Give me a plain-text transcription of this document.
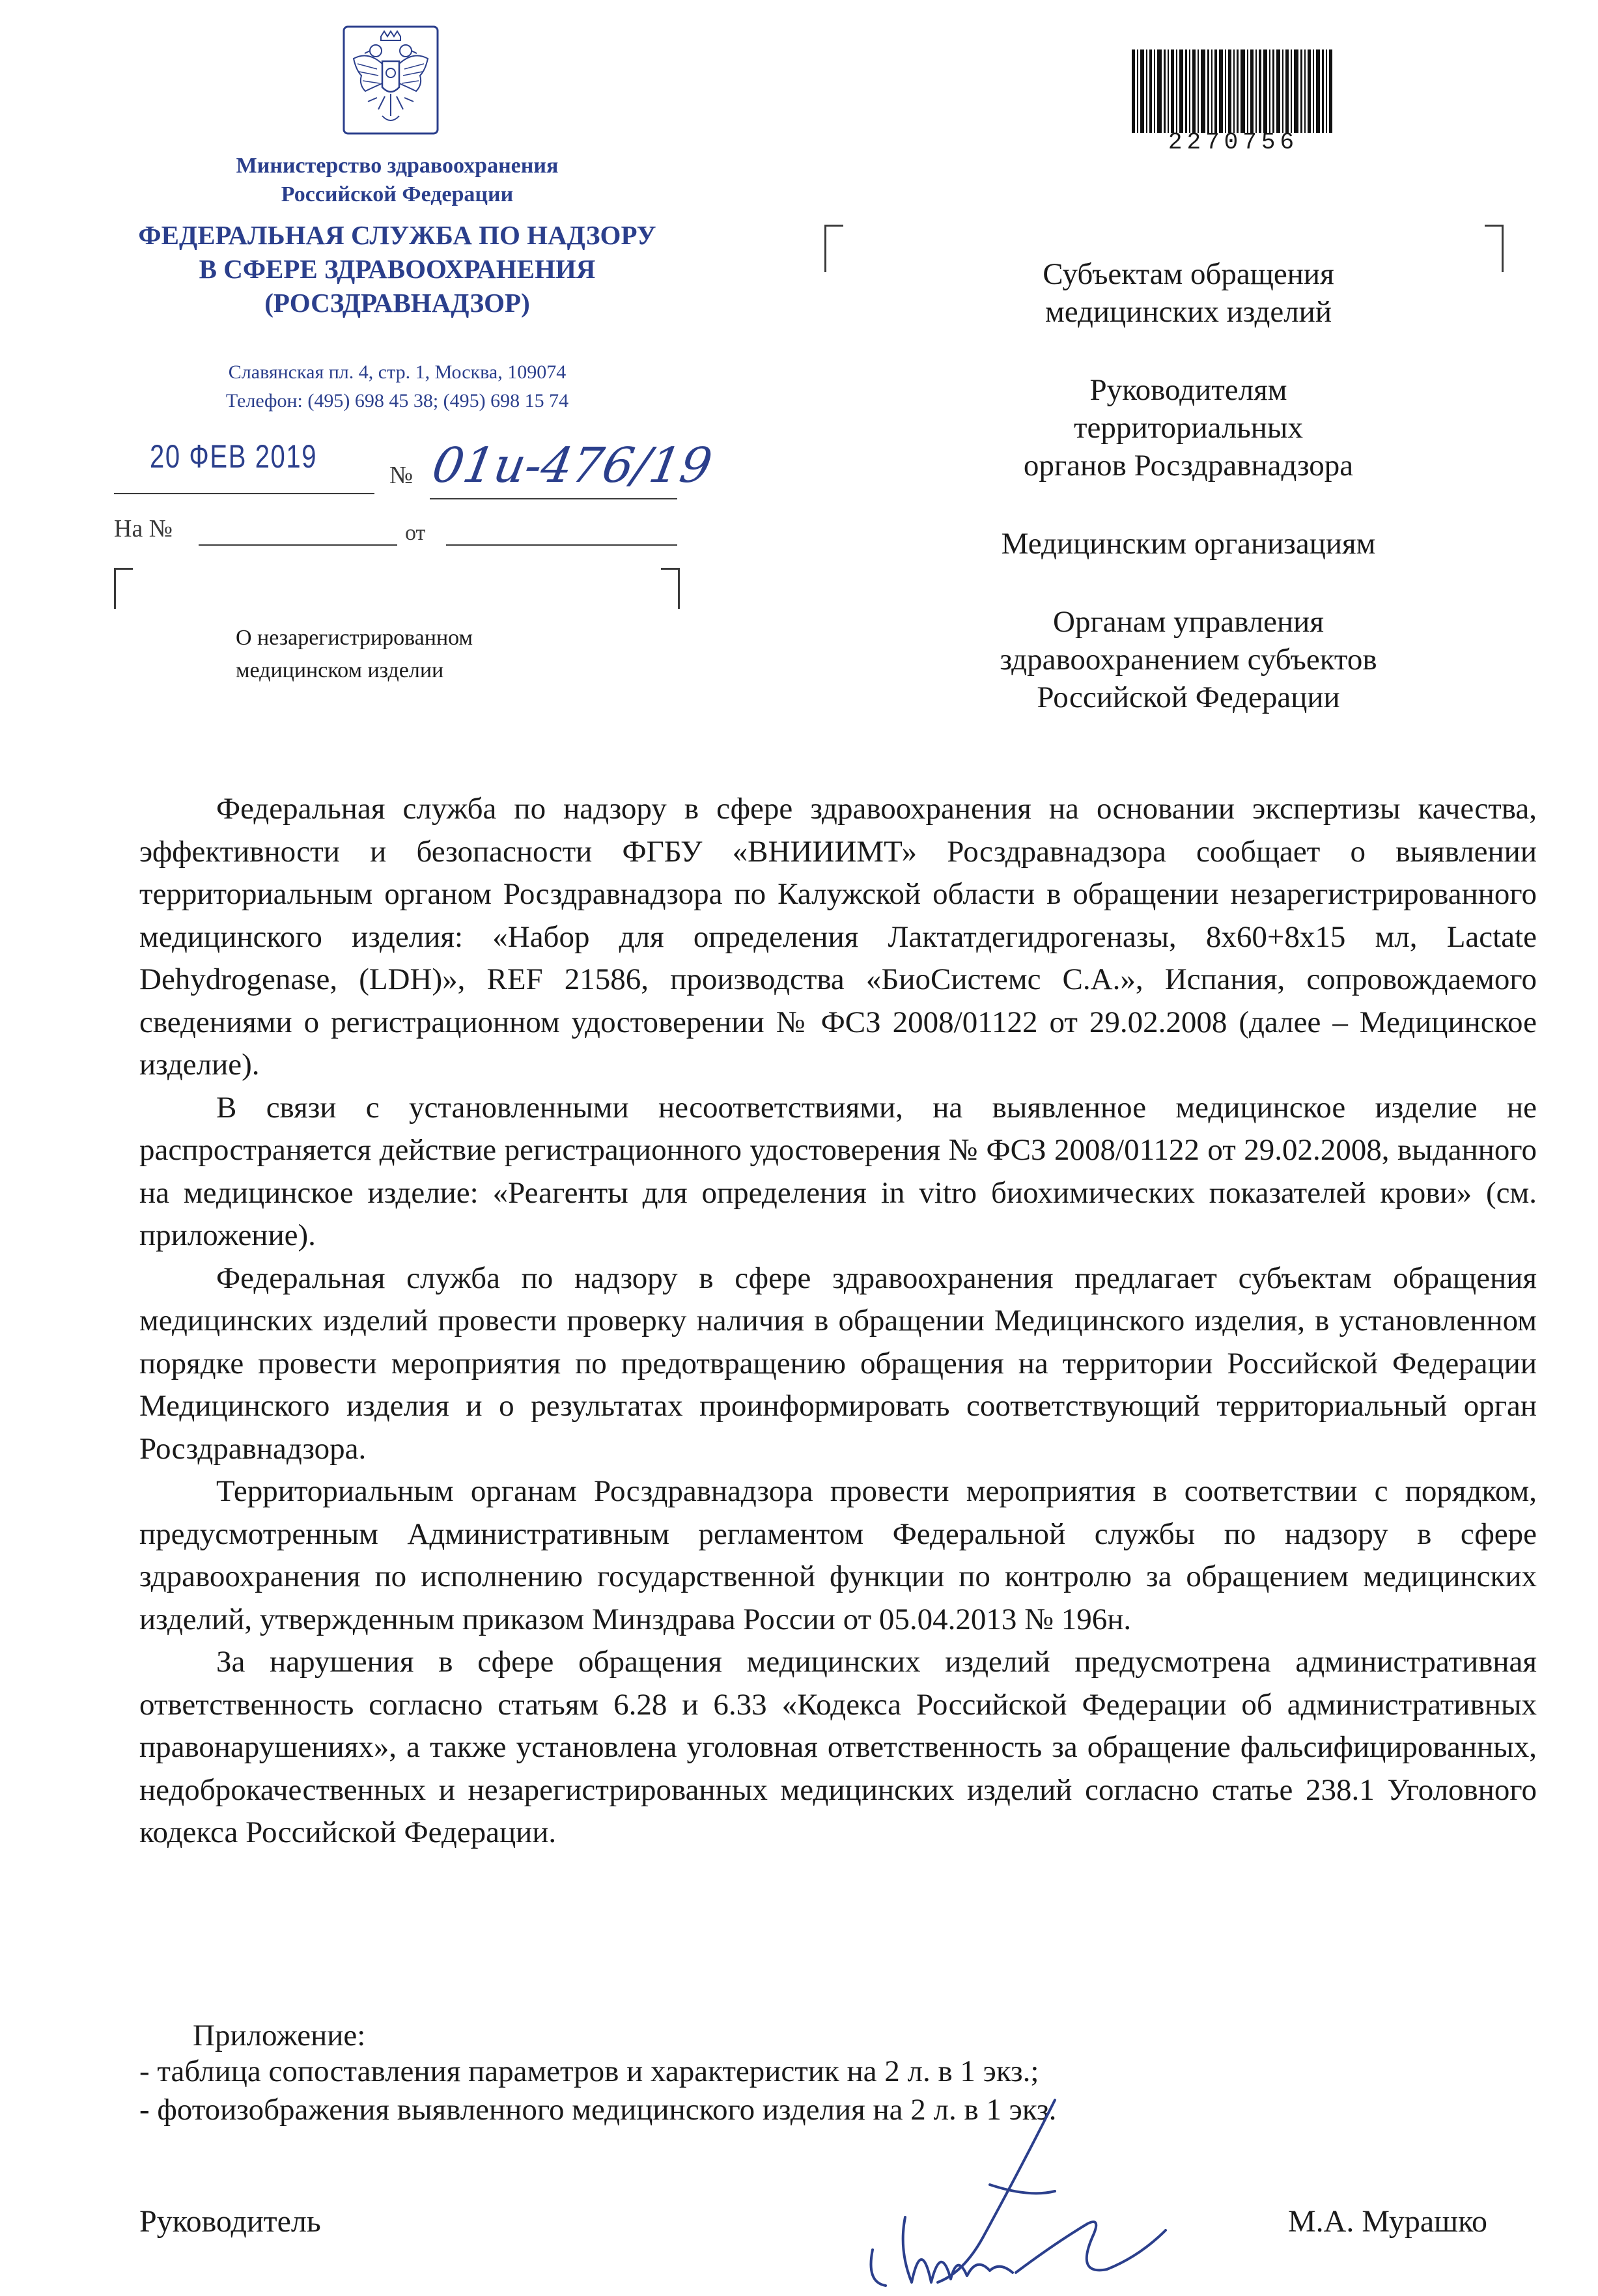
Министерство здравоохранения
Российской Федерации
ФЕДЕРАЛЬНАЯ СЛУЖБА ПО НАДЗОРУ
В СФЕРЕ ЗДРАВООХРАНЕНИЯ
(РОСЗДРАВНАДЗОР)
Славянская пл. 4, стр. 1, Москва, 109074
Телефон: (495) 698 45 38; (495) 698 15 74
20 ФЕВ 2019
№ 01и-476/19
На №	от
О незарегистрированном
медицинском изделии
2270756

Субъектам обращения
медицинских изделий

Руководителям
территориальных
органов Росздравнадзора

Медицинским организациям

Органам управления
здравоохранением субъектов
Российской Федерации

Федеральная служба по надзору в сфере здравоохранения на основании экспертизы качества, эффективности и безопасности ФГБУ «ВНИИИМТ» Росздравнадзора сообщает о выявлении территориальным органом Росздравнадзора по Калужской области в обращении незарегистрированного медицинского изделия: «Набор для определения Лактатдегидрогеназы, 8x60+8x15 мл, Lactate Dehydrogenase, (LDH)», REF 21586, производства «БиоСистемс С.А.», Испания, сопровождаемого сведениями о регистрационном удостоверении № ФСЗ 2008/01122 от 29.02.2008 (далее – Медицинское изделие).

В связи с установленными несоответствиями, на выявленное медицинское изделие не распространяется действие регистрационного удостоверения № ФСЗ 2008/01122 от 29.02.2008, выданного на медицинское изделие: «Реагенты для определения in vitro биохимических показателей крови» (см. приложение).

Федеральная служба по надзору в сфере здравоохранения предлагает субъектам обращения медицинских изделий провести проверку наличия в обращении Медицинского изделия, в установленном порядке провести мероприятия по предотвращению обращения на территории Российской Федерации Медицинского изделия и о результатах проинформировать соответствующий территориальный орган Росздравнадзора.

Территориальным органам Росздравнадзора провести мероприятия в соответствии с порядком, предусмотренным Административным регламентом Федеральной службы по надзору в сфере здравоохранения по исполнению государственной функции по контролю за обращением медицинских изделий, утвержденным приказом Минздрава России от 05.04.2013 № 196н.

За нарушения в сфере обращения медицинских изделий предусмотрена административная ответственность согласно статьям 6.28 и 6.33 «Кодекса Российской Федерации об административных правонарушениях», а также установлена уголовная ответственность за обращение фальсифицированных, недоброкачественных и незарегистрированных медицинских изделий согласно статье 238.1 Уголовного кодекса Российской Федерации.

Приложение:
- таблица сопоставления параметров и характеристик на 2 л. в 1 экз.;
- фотоизображения выявленного медицинского изделия на 2 л. в 1 экз.
Руководитель	М.А. Мурашко
